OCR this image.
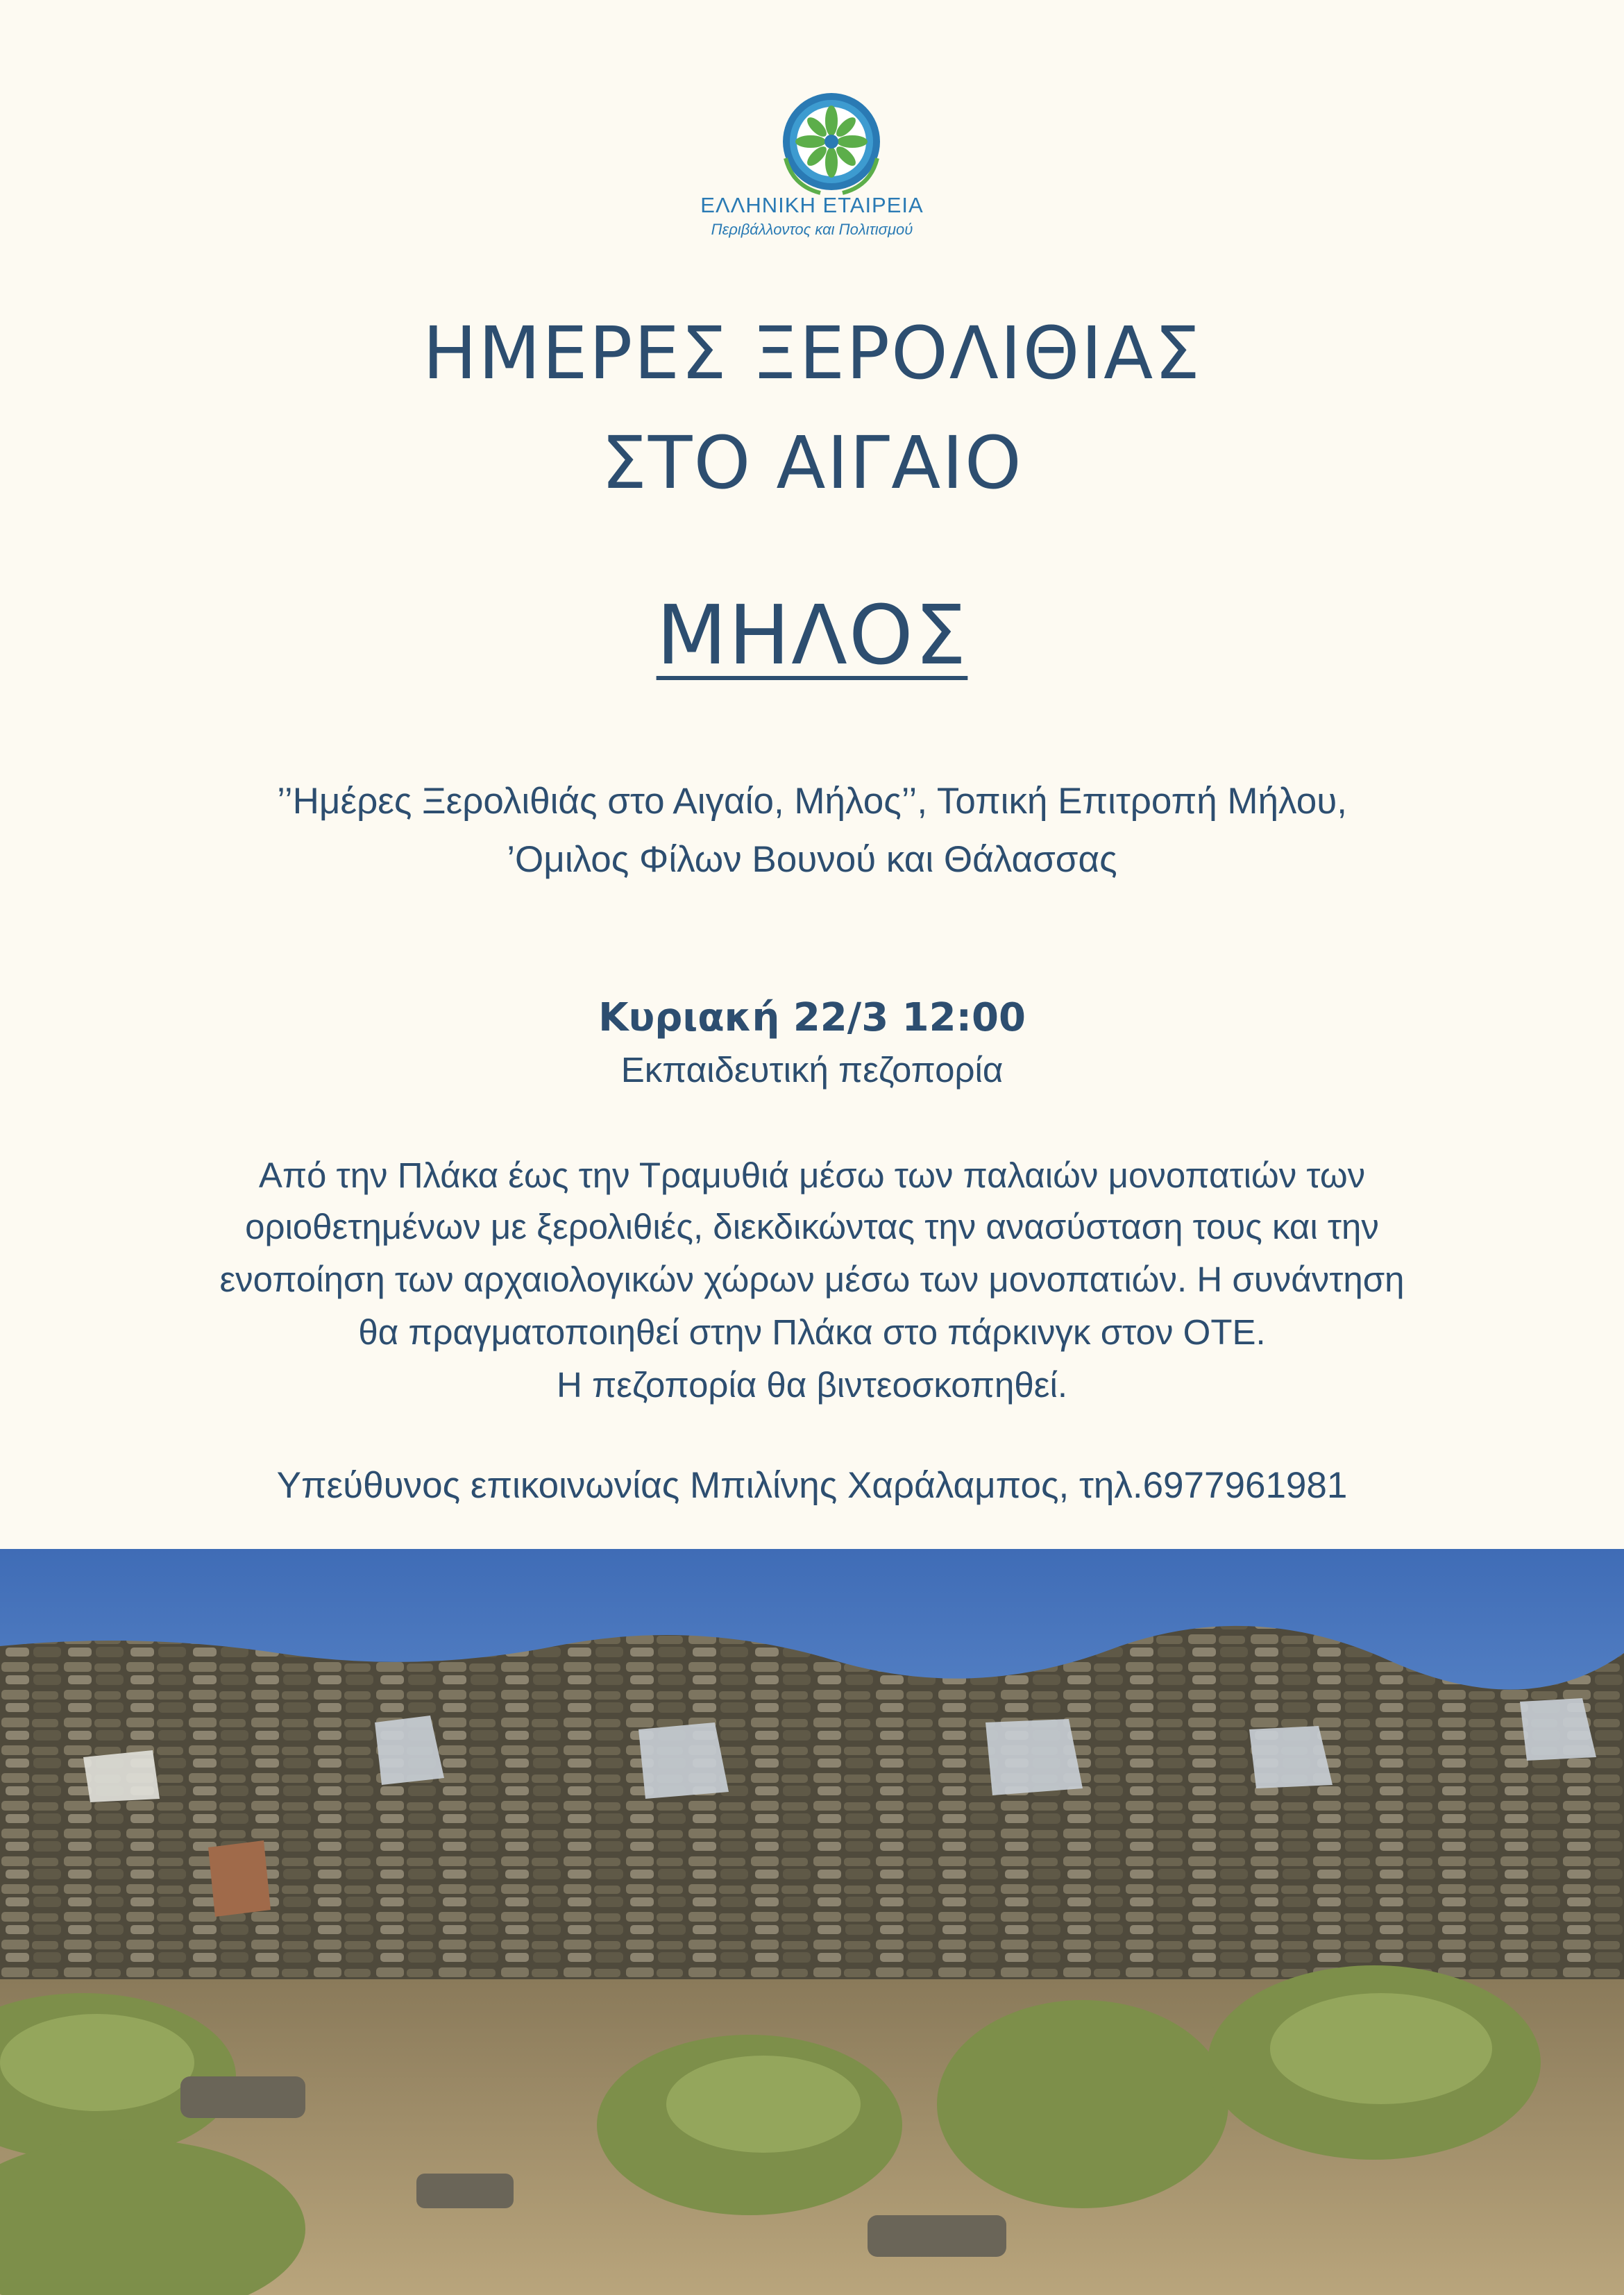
ΕΛΛΗΝΙΚΗ ΕΤΑΙΡΕΙΑ
Περιβάλλοντος και Πολιτισμού
ΗΜΕΡΕΣ ΞΕΡΟΛΙΘΙΑΣ
ΣΤΟ ΑΙΓΑΙΟ
ΜΗΛΟΣ
’’Ημέρες Ξερολιθιάς στο Αιγαίο, Μήλος’’, Τοπική Επιτροπή Μήλου,
’Ομιλος Φίλων Βουνού και Θάλασσας
Κυριακή 22/3 12:00
Εκπαιδευτική πεζοπορία
Από την Πλάκα έως την Τραμυθιά μέσω των παλαιών μονοπατιών των
οριοθετημένων με ξερολιθιές, διεκδικώντας την ανασύσταση τους και την
ενοποίηση των αρχαιολογικών χώρων μέσω των μονοπατιών. Η συνάντηση
θα πραγματοποιηθεί στην Πλάκα στο πάρκινγκ στον ΟΤΕ.
Η πεζοπορία θα βιντεοσκοπηθεί.
Υπεύθυνος επικοινωνίας Μπιλίνης Χαράλαμπος, τηλ.6977961981
